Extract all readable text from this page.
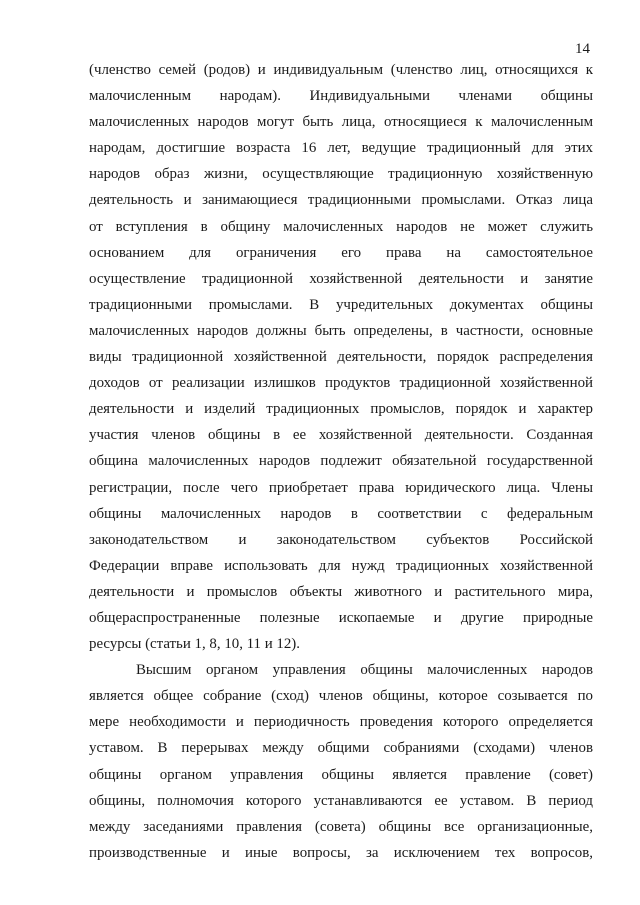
14
(членство семей (родов) и индивидуальным (членство лиц, относящихся к
малочисленным народам). Индивидуальными членами общины
малочисленных народов могут быть лица, относящиеся к малочисленным
народам, достигшие возраста 16 лет, ведущие традиционный для этих
народов образ жизни, осуществляющие традиционную хозяйственную
деятельность и занимающиеся традиционными промыслами. Отказ лица
от вступления в общину малочисленных народов не может служить
основанием для ограничения его права на самостоятельное
осуществление традиционной хозяйственной деятельности и занятие
традиционными промыслами. В учредительных документах общины
малочисленных народов должны быть определены, в частности, основные
виды традиционной хозяйственной деятельности, порядок распределения
доходов от реализации излишков продуктов традиционной хозяйственной
деятельности и изделий традиционных промыслов, порядок и характер
участия членов общины в ее хозяйственной деятельности. Созданная
община малочисленных народов подлежит обязательной государственной
регистрации, после чего приобретает права юридического лица. Члены
общины малочисленных народов в соответствии с федеральным
законодательством и законодательством субъектов Российской
Федерации вправе использовать для нужд традиционных хозяйственной
деятельности и промыслов объекты животного и растительного мира,
общераспространенные полезные ископаемые и другие природные
ресурсы (статьи 1, 8, 10, 11 и 12).
Высшим органом управления общины малочисленных народов
является общее собрание (сход) членов общины, которое созывается по
мере необходимости и периодичность проведения которого определяется
уставом. В перерывах между общими собраниями (сходами) членов
общины органом управления общины является правление (совет)
общины, полномочия которого устанавливаются ее уставом. В период
между заседаниями правления (совета) общины все организационные,
производственные и иные вопросы, за исключением тех вопросов,
